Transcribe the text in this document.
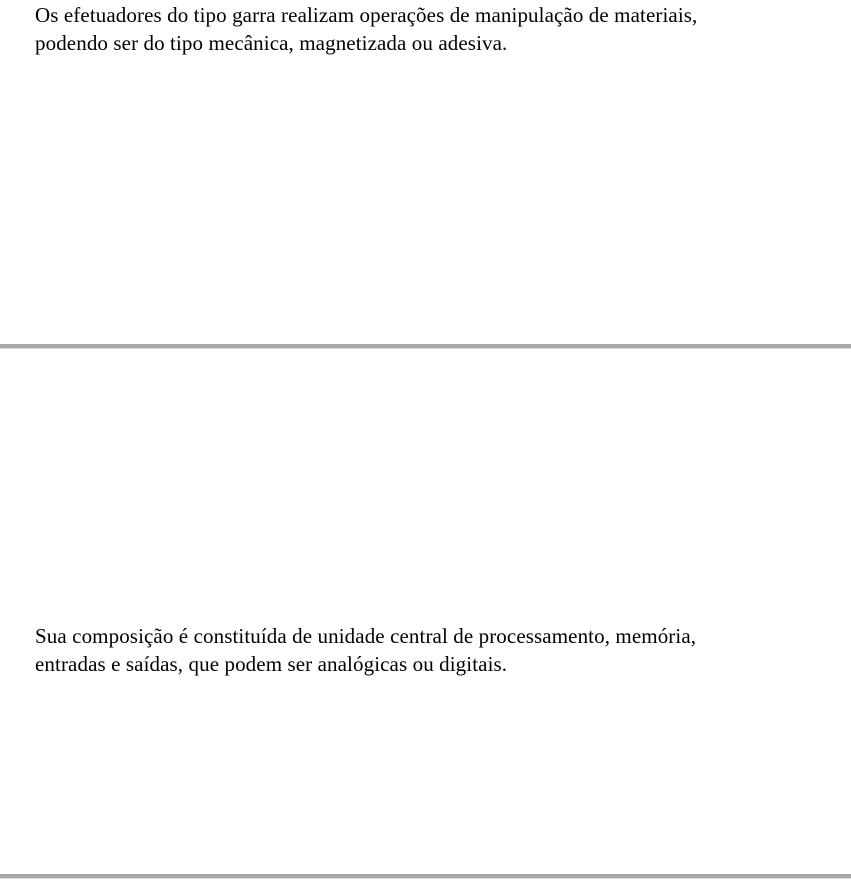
Os efetuadores do tipo garra realizam operações de manipulação de materiais,
podendo ser do tipo mecânica, magnetizada ou adesiva.
Sua composição é constituída de unidade central de processamento, memória,
entradas e saídas, que podem ser analógicas ou digitais.
